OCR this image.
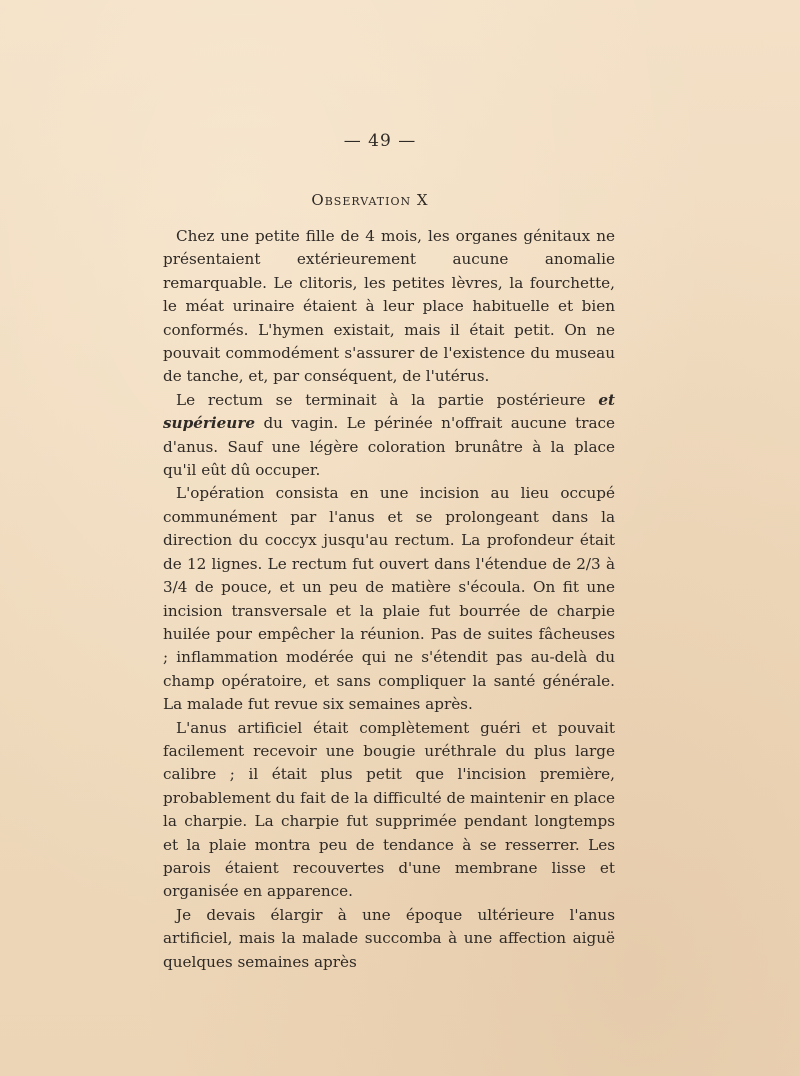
— 49 —
Observation X

Chez une petite fille de 4 mois, les organes génitaux ne présentaient extérieurement aucune anomalie remarquable. Le clitoris, les petites lèvres, la fourchette, le méat urinaire étaient à leur place habituelle et bien conformés. L'hymen existait, mais il était petit. On ne pouvait commodément s'assurer de l'existence du museau de tanche, et, par conséquent, de l'utérus.

Le rectum se terminait à la partie postérieure et supérieure du vagin. Le périnée n'offrait aucune trace d'anus. Sauf une légère coloration brunâtre à la place qu'il eût dû occuper.

L'opération consista en une incision au lieu occupé communément par l'anus et se prolongeant dans la direction du coccyx jusqu'au rectum. La profondeur était de 12 lignes. Le rectum fut ouvert dans l'étendue de 2/3 à 3/4 de pouce, et un peu de matière s'écoula. On fit une incision transversale et la plaie fut bourrée de charpie huilée pour empêcher la réunion. Pas de suites fâcheuses ; inflammation modérée qui ne s'étendit pas au-delà du champ opératoire, et sans compliquer la santé générale. La malade fut revue six semaines après.

L'anus artificiel était complètement guéri et pouvait facilement recevoir une bougie uréthrale du plus large calibre ; il était plus petit que l'incision première, probablement du fait de la difficulté de maintenir en place la charpie. La charpie fut supprimée pendant longtemps et la plaie montra peu de tendance à se resserrer. Les parois étaient recouvertes d'une membrane lisse et organisée en apparence.

Je devais élargir à une époque ultérieure l'anus artificiel, mais la malade succomba à une affection aiguë quelques semaines après
